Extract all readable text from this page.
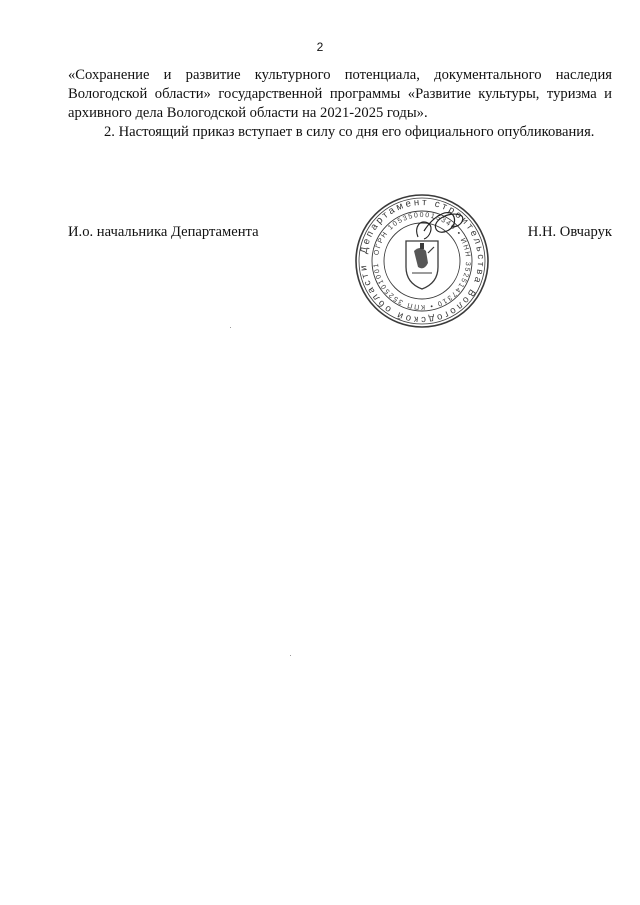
2

«Сохранение и развитие культурного потенциала, документального наследия Вологодской области» государственной программы «Развитие культуры, туризма и архивного дела Вологодской области на 2021-2025 годы».

2. Настоящий приказ вступает в силу со дня его официального опубликования.

И.о. начальника Департамента	Н.Н. Овчарук
Департамент строительства Вологодской области
ОГРН 1053500015340 • ИНН 3525147310 • КПП 352501001
